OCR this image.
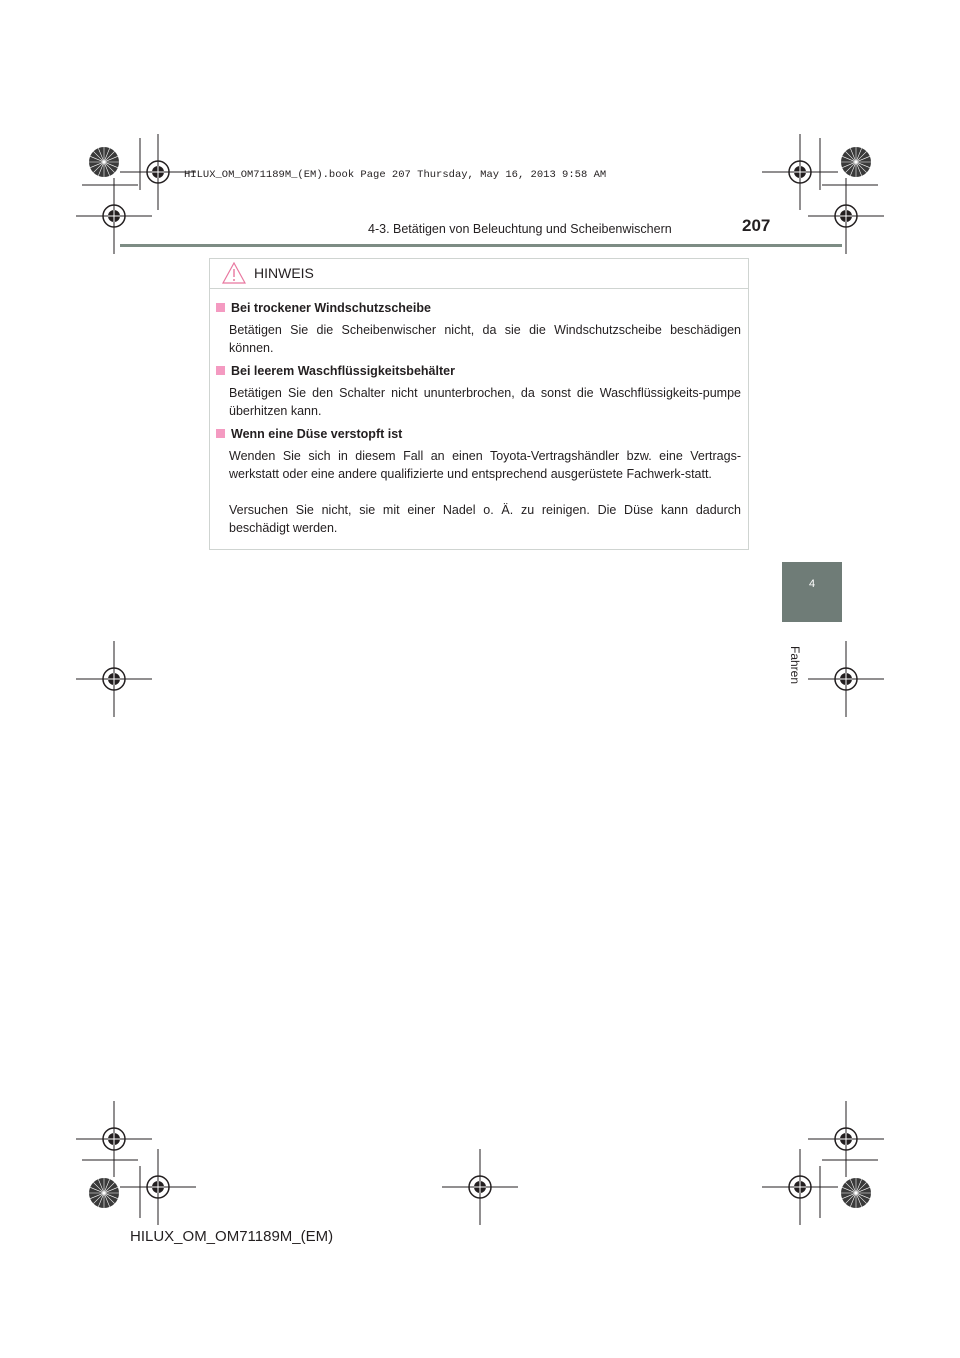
HILUX_OM_OM71189M_(EM).book Page 207 Thursday, May 16, 2013 9:58 AM
4-3. Betätigen von Beleuchtung und Scheibenwischern	207
4
Fahren
HINWEIS
Bei trockener Windschutzscheibe
Betätigen Sie die Scheibenwischer nicht, da sie die Windschutzscheibe beschädigen können.
Bei leerem Waschflüssigkeitsbehälter
Betätigen Sie den Schalter nicht ununterbrochen, da sonst die Waschflüssigkeits-pumpe überhitzen kann.
Wenn eine Düse verstopft ist
Wenden Sie sich in diesem Fall an einen Toyota-Vertragshändler bzw. eine Vertrags-werkstatt oder eine andere qualifizierte und entsprechend ausgerüstete Fachwerk-statt.
Versuchen Sie nicht, sie mit einer Nadel o. Ä. zu reinigen. Die Düse kann dadurch beschädigt werden.
HILUX_OM_OM71189M_(EM)
